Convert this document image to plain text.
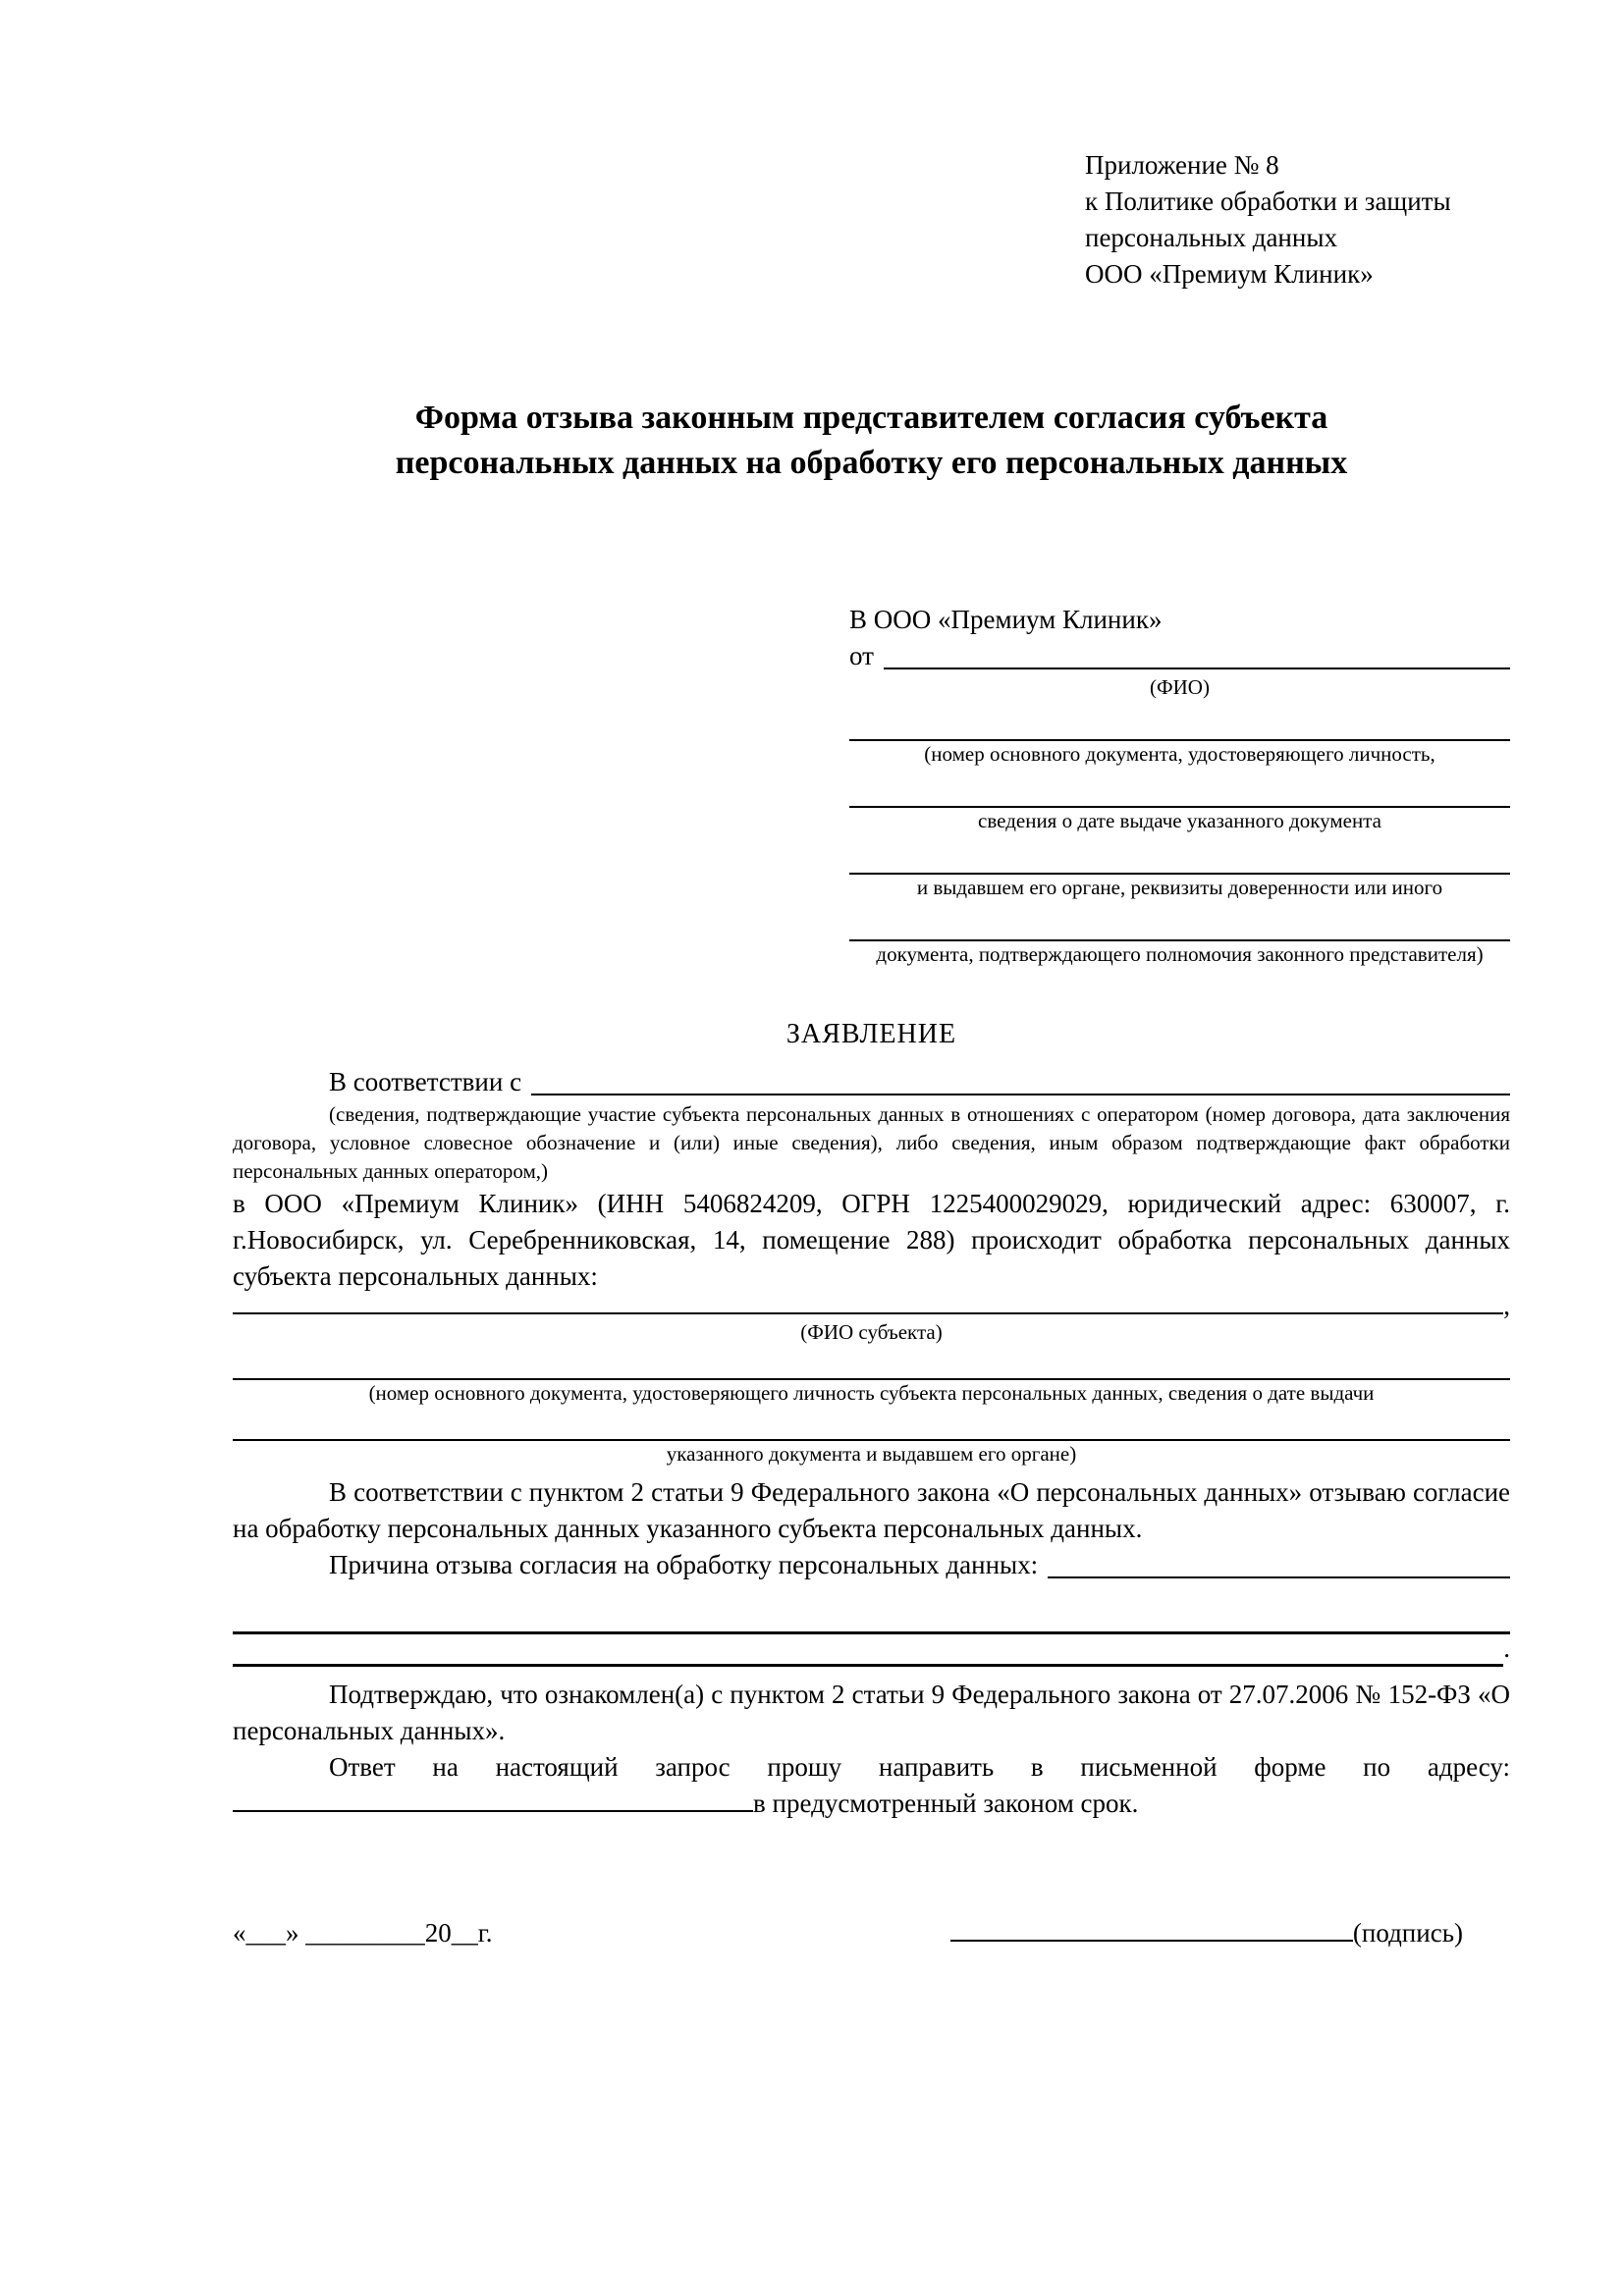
Приложение № 8
к Политике обработки и защиты
персональных данных
ООО «Премиум Клиник»
Форма отзыва законным представителем согласия субъекта
персональных данных на обработку его персональных данных
В ООО «Премиум Клиник»
от
(ФИО)
(номер основного документа, удостоверяющего личность,
сведения о дате выдаче указанного документа
и выдавшем его органе, реквизиты доверенности или иного
документа, подтверждающего полномочия законного представителя)
ЗАЯВЛЕНИЕ
В соответствии с
(сведения, подтверждающие участие субъекта персональных данных в отношениях с оператором (номер договора, дата заключения договора, условное словесное обозначение и (или) иные сведения), либо сведения, иным образом подтверждающие факт обработки персональных данных оператором,)
в ООО «Премиум Клиник» (ИНН 5406824209, ОГРН 1225400029029, юридический адрес: 630007, г. г.Новосибирск, ул. Серебренниковская, 14, помещение 288) происходит обработка персональных данных субъекта персональных данных:
,
(ФИО субъекта)
(номер основного документа, удостоверяющего личность субъекта персональных данных, сведения о дате выдачи
указанного документа и выдавшем его органе)
В соответствии с пунктом 2 статьи 9 Федерального закона «О персональных данных» отзываю согласие на обработку персональных данных указанного субъекта персональных данных.
Причина отзыва согласия на обработку персональных данных:
.
Подтверждаю, что ознакомлен(а) с пунктом 2 статьи 9 Федерального закона от 27.07.2006 № 152-ФЗ «О персональных данных».
Ответ на настоящий запрос прошу направить в письменной форме по адресу: в предусмотренный законом срок.
«___» _________20__г.	(подпись)
